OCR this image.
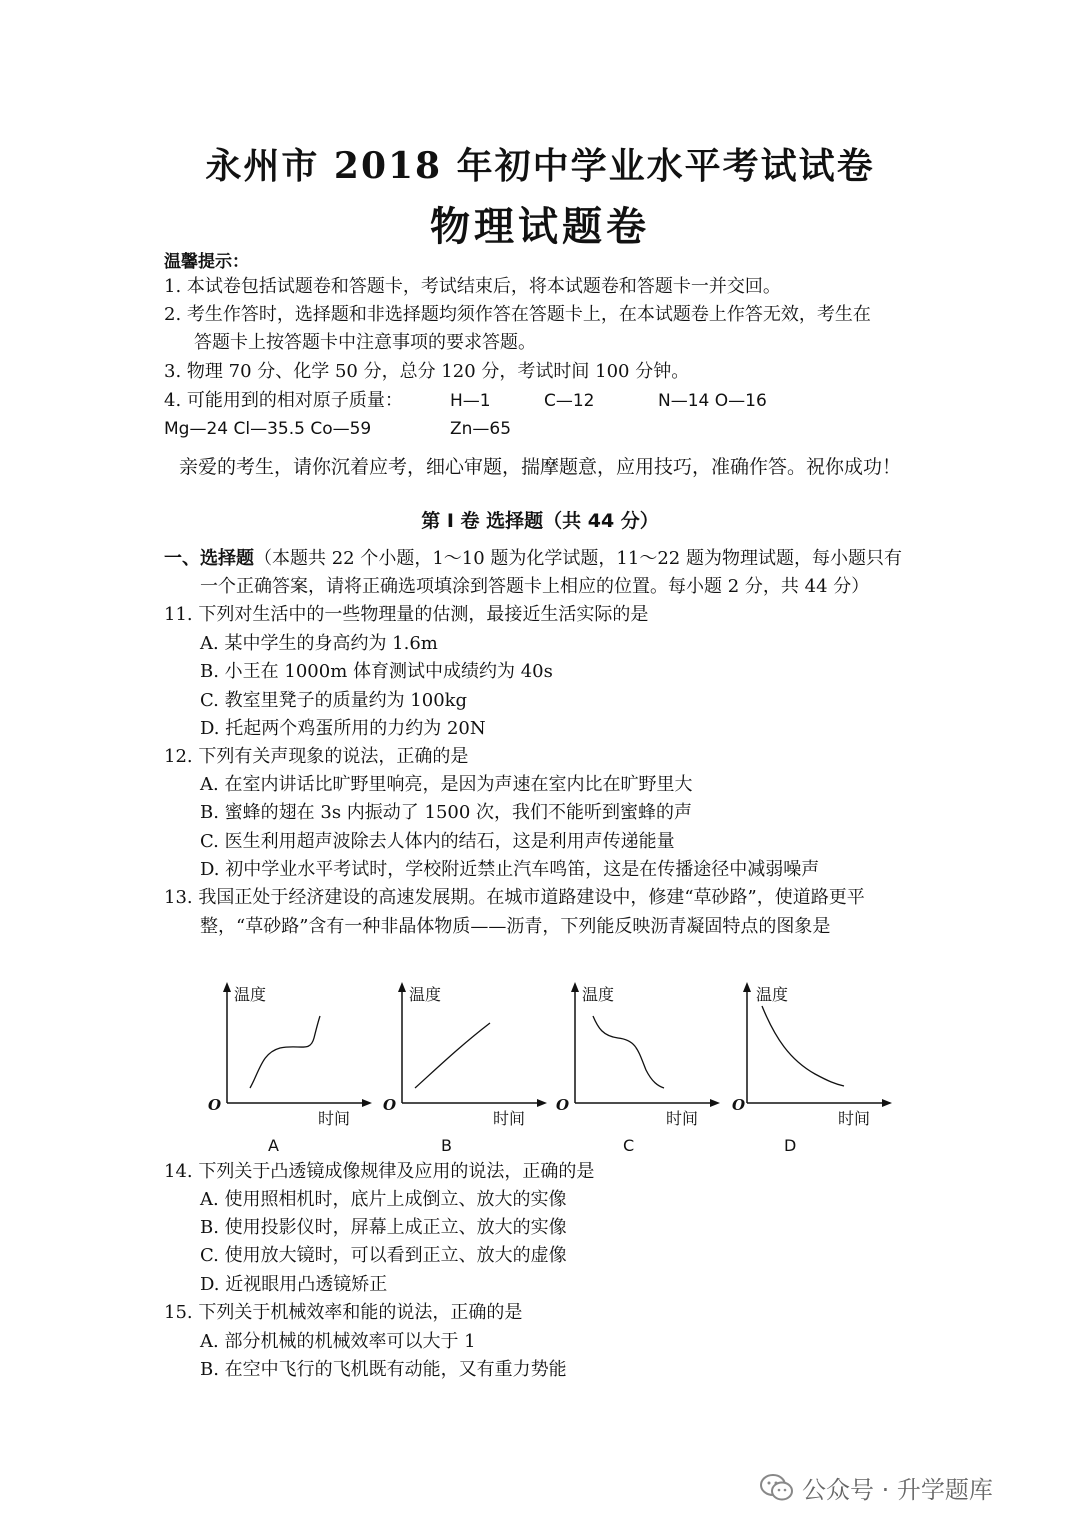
永州市 2018 年初中学业水平考试试卷
物理试题卷
温馨提示：
1. 本试卷包括试题卷和答题卡，考试结束后，将本试题卷和答题卡一并交回。
2. 考生作答时，选择题和非选择题均须作答在答题卡上，在本试题卷上作答无效，考生在
答题卡上按答题卡中注意事项的要求答题。
3. 物理 70 分、化学 50 分，总分 120 分，考试时间 100 分钟。
4. 可能用到的相对原子质量：	H—1	C—12	N—14 O—16
Mg—24 Cl—35.5 Co—59	Zn—65
亲爱的考生，请你沉着应考，细心审题，揣摩题意，应用技巧，准确作答。祝你成功！
第 Ⅰ 卷 选择题（共 44 分）
一、选择题（本题共 22 个小题，1～10 题为化学试题，11～22 题为物理试题，每小题只有
一个正确答案，请将正确选项填涂到答题卡上相应的位置。每小题 2 分，共 44 分）
11. 下列对生活中的一些物理量的估测，最接近生活实际的是
A. 某中学生的身高约为 1.6m
B. 小王在 1000m 体育测试中成绩约为 40s
C. 教室里凳子的质量约为 100kg
D. 托起两个鸡蛋所用的力约为 20N
12. 下列有关声现象的说法，正确的是
A. 在室内讲话比旷野里响亮，是因为声速在室内比在旷野里大
B. 蜜蜂的翅在 3s 内振动了 1500 次，我们不能听到蜜蜂的声
C. 医生利用超声波除去人体内的结石，这是利用声传递能量
D. 初中学业水平考试时，学校附近禁止汽车鸣笛，这是在传播途径中减弱噪声
13. 我国正处于经济建设的高速发展期。在城市道路建设中，修建“草砂路”，使道路更平
整，“草砂路”含有一种非晶体物质——沥青，下列能反映沥青凝固特点的图象是
温度
O
时间
A
温度
O
时间
B
温度
O
时间
C
温度
O
时间
D
14. 下列关于凸透镜成像规律及应用的说法，正确的是
A. 使用照相机时，底片上成倒立、放大的实像
B. 使用投影仪时，屏幕上成正立、放大的实像
C. 使用放大镜时，可以看到正立、放大的虚像
D. 近视眼用凸透镜矫正
15. 下列关于机械效率和能的说法，正确的是
A. 部分机械的机械效率可以大于 1
B. 在空中飞行的飞机既有动能，又有重力势能
公众号 · 升学题库
